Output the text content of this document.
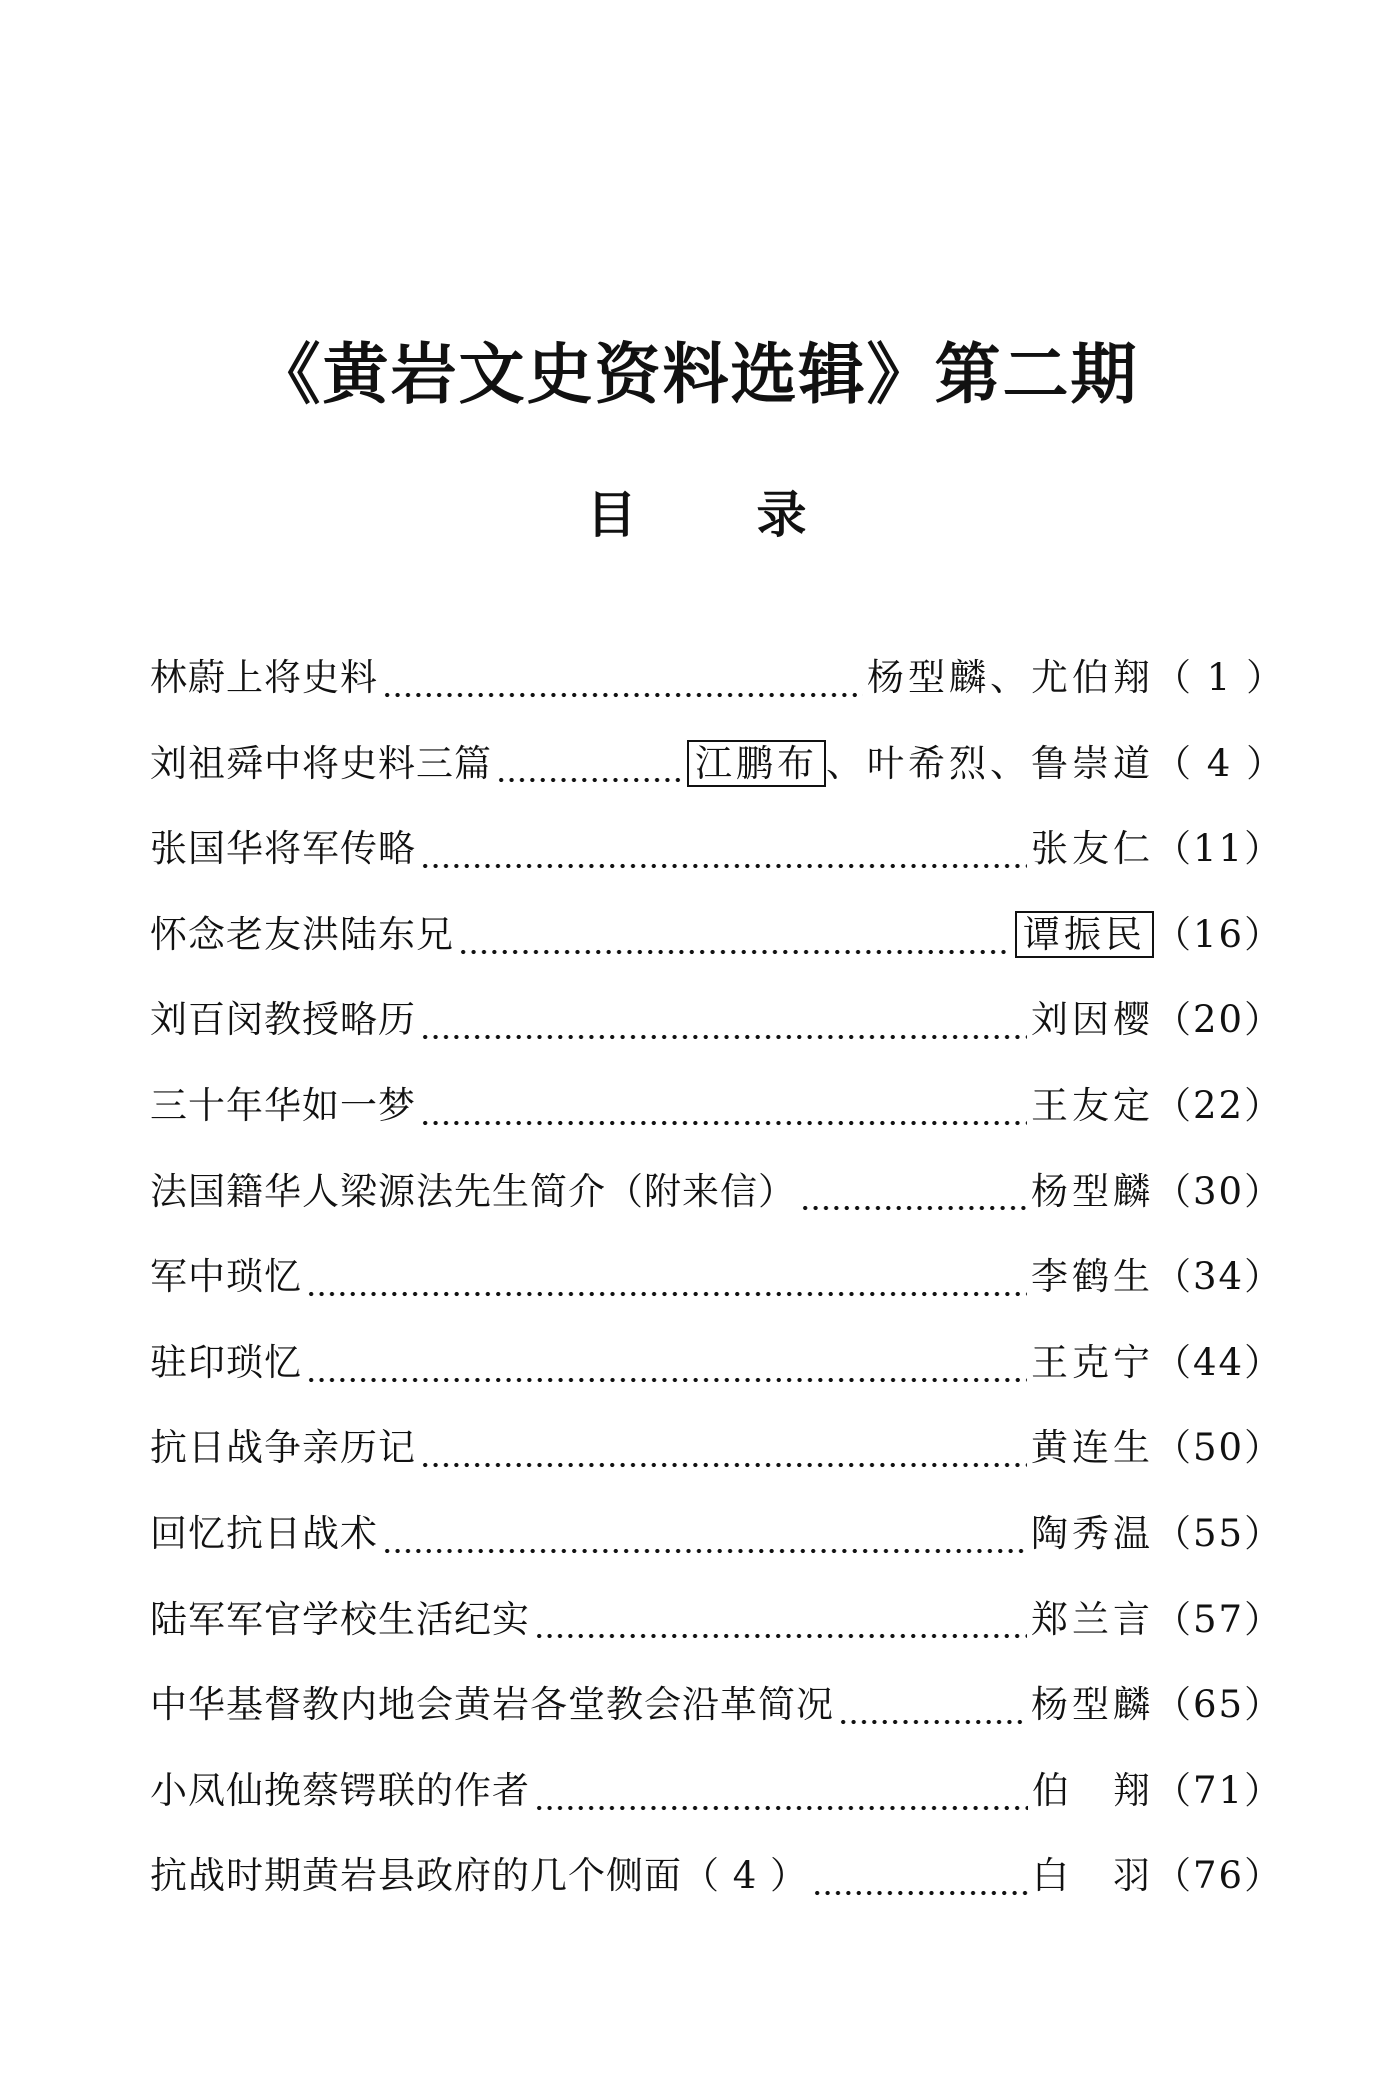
《黄岩文史资料选辑》第二期
目 录
林蔚上将史料	杨型麟、尤伯翔 （ 1 ）
刘祖舜中将史料三篇	江鹏布 、叶希烈、鲁崇道 （ 4 ）
张国华将军传略	张友仁 （11）
怀念老友洪陆东兄	谭振民 （16）
刘百闵教授略历	刘因樱 （20）
三十年华如一梦	王友定 （22）
法国籍华人梁源法先生简介（附来信）	杨型麟 （30）
军中琐忆	李鹤生 （34）
驻印琐忆	王克宁 （44）
抗日战争亲历记	黄连生 （50）
回忆抗日战术	陶秀温 （55）
陆军军官学校生活纪实	郑兰言 （57）
中华基督教内地会黄岩各堂教会沿革简况	杨型麟 （65）
小凤仙挽蔡锷联的作者	伯 翔 （71）
抗战时期黄岩县政府的几个侧面（ 4 ）	白 羽 （76）
